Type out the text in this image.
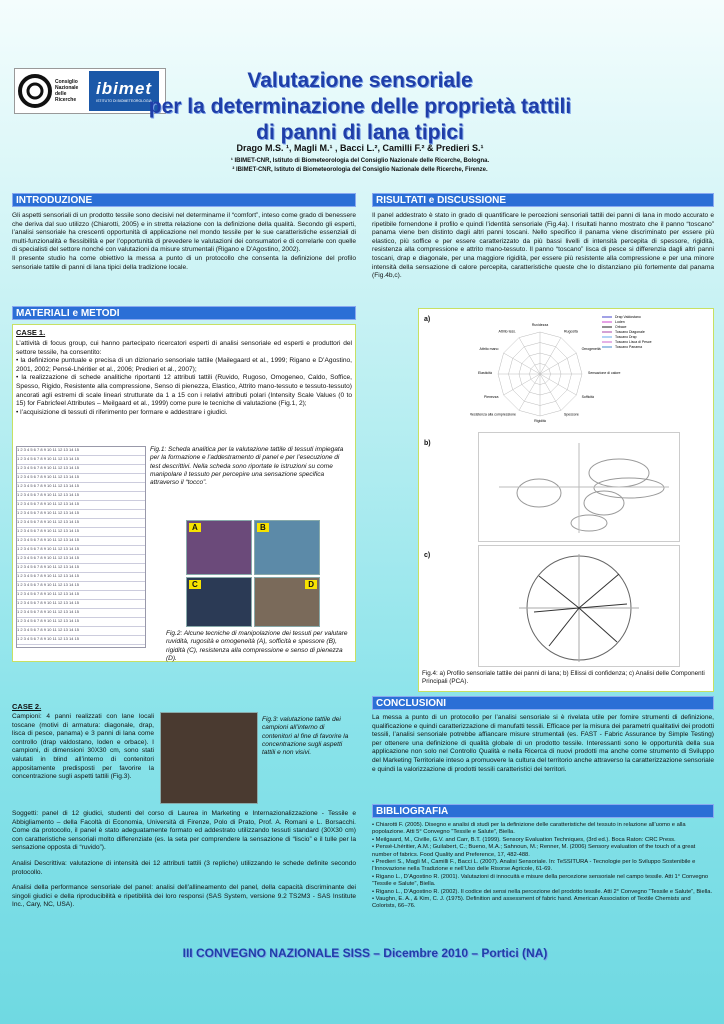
Consiglio
Nazionale
delle
Ricerche
ibimet
ISTITUTO DI BIOMETEOROLOGIA
Valutazione sensoriale
per la determinazione delle proprietà tattili
di panni di lana tipici
Drago M.S. ¹, Magli M.¹ , Bacci L.², Camilli F.² & Predieri S.¹
¹ IBIMET-CNR, Istituto di Biometeorologia del Consiglio Nazionale delle Ricerche, Bologna.
² IBIMET-CNR, Istituto di Biometeorologia del Consiglio Nazionale delle Ricerche, Firenze.
INTRODUZIONE
Gli aspetti sensoriali di un prodotto tessile sono decisivi nel determinarne il “comfort”, inteso come grado di benessere che deriva dal suo utilizzo (Chiarotti, 2005) e in stretta relazione con la definizione della qualità. Secondo gli esperti, l’analisi sensoriale ha crescenti opportunità di applicazione nel mondo tessile per le sue caratteristiche essenziali di multi-funzionalità e flessibilità e per l’opportunità di prevedere le valutazioni dei consumatori e di correlarle con quelle di specialisti del settore nonché con valutazioni da misure strumentali (Rigano e D’Agostino, 2002).
Il presente studio ha come obiettivo la messa a punto di un protocollo che consenta la definizione del profilo sensoriale tattile di panni di lana tipici della tradizione locale.
MATERIALI e METODI
CASE 1.
L’attività di focus group, cui hanno partecipato ricercatori esperti di analisi sensoriale ed esperti e produttori del settore tessile, ha consentito:
• la definizione puntuale e precisa di un dizionario sensoriale tattile (Mailegaard et al., 1999; Rigano e D’Agostino, 2001, 2002; Pensé-Lhéritier et al., 2006; Predieri et al., 2007);
• la realizzazione di schede analitiche riportanti 12 attributi tattili (Ruvido, Rugoso, Omogeneo, Caldo, Soffice, Spesso, Rigido, Resistente alla compressione, Senso di pienezza, Elastico, Attrito mano-tessuto e tessuto-tessuto) ancorati agli estremi di scale lineari strutturate da 1 a 15 con i relativi attributi polari (Intensity Scale Values (0 to 15) for Fabricfeel Attributes – Meilgaard et al., 1999) come pure le tecniche di valutazione (Fig.1, 2);
• l’acquisizione di tessuti di riferimento per formare e addestrare i giudici.
1 2 3 4 5 6 7 8 9 10 11 12 13 14 15
1 2 3 4 5 6 7 8 9 10 11 12 13 14 15
1 2 3 4 5 6 7 8 9 10 11 12 13 14 15
1 2 3 4 5 6 7 8 9 10 11 12 13 14 15
1 2 3 4 5 6 7 8 9 10 11 12 13 14 15
1 2 3 4 5 6 7 8 9 10 11 12 13 14 15
1 2 3 4 5 6 7 8 9 10 11 12 13 14 15
1 2 3 4 5 6 7 8 9 10 11 12 13 14 15
1 2 3 4 5 6 7 8 9 10 11 12 13 14 15
1 2 3 4 5 6 7 8 9 10 11 12 13 14 15
1 2 3 4 5 6 7 8 9 10 11 12 13 14 15
1 2 3 4 5 6 7 8 9 10 11 12 13 14 15
1 2 3 4 5 6 7 8 9 10 11 12 13 14 15
1 2 3 4 5 6 7 8 9 10 11 12 13 14 15
1 2 3 4 5 6 7 8 9 10 11 12 13 14 15
1 2 3 4 5 6 7 8 9 10 11 12 13 14 15
1 2 3 4 5 6 7 8 9 10 11 12 13 14 15
1 2 3 4 5 6 7 8 9 10 11 12 13 14 15
1 2 3 4 5 6 7 8 9 10 11 12 13 14 15
1 2 3 4 5 6 7 8 9 10 11 12 13 14 15
1 2 3 4 5 6 7 8 9 10 11 12 13 14 15
1 2 3 4 5 6 7 8 9 10 11 12 13 14 15
Fig.1: Scheda analitica per la valutazione tattile di tessuti impiegata per la formazione e l’addestramento di panel e per l’esecuzione di test descrittivi. Nella scheda sono riportate le istruzioni su come manipolare il tessuto per percepire una sensazione specifica attraverso il “tocco”.
A	B
C	D
Fig.2: Alcune tecniche di manipolazione dei tessuti per valutare ruvidità, rugosità e omogeneità (A), sofficità e spessore (B), rigidità (C), resistenza alla compressione e senso di pienezza (D).
CASE 2.
Campioni: 4 panni realizzati con lane locali toscane (motivi di armatura: diagonale, drap, lisca di pesce, panama) e 3 panni di lana come controllo (drap valdostano, loden e orbace). I campioni, di dimensioni 30X30 cm, sono stati valutati in blind all’interno di contenitori appositamente predisposti per favorire la concentrazione sugli aspetti tattili (Fig.3).
Fig.3: valutazione tattile dei campioni all’interno di contenitori al fine di favorire la concentrazione sugli aspetti tattili e non visivi.
Soggetti: panel di 12 giudici, studenti del corso di Laurea in Marketing e Internazionalizzazione - Tessile e Abbigliamento – della Facoltà di Economia, Università di Firenze, Polo di Prato, Prof. A. Romani e L. Borsacchi. Come da protocollo, il panel è stato adeguatamente formato ed addestrato utilizzando tessuti standard (30X30 cm) con caratteristiche sensoriali molto differenziate (es. la seta per comprendere la sensazione di “liscio” e il tulle per la sensazione opposta di “ruvido”).
Analisi Descrittiva: valutazione di intensità dei 12 attributi tattili (3 repliche) utilizzando le schede definite secondo protocollo.
Analisi della performance sensoriale del panel: analisi dell’allineamento del panel, della capacità discriminante dei singoli giudici e della riproducibilità e ripetibilità dei loro responsi (SAS System, versione 9.2 TS2M3 - SAS Institute Inc., Cary, NC, USA).
RISULTATI e DISCUSSIONE
Il panel addestrato è stato in grado di quantificare le percezioni sensoriali tattili dei panni di lana in modo accurato e ripetibile fornendone il profilo e quindi l’identità sensoriale (Fig.4a). I risultati hanno mostrato che il panno “toscano” panama viene ben distinto dagli altri panni toscani. Nello specifico il panama viene discriminato per essere più elastico, più soffice e per essere caratterizzato da più bassi livelli di intensità percepita di spessore, rigidità, resistenza alla compressione e attrito mano-tessuto. Il panno “toscano” lisca di pesce si differenzia dagli altri panni toscani, drap e diagonale, per una maggiore rigidità, per essere più resistente alla compressione e per una minore intensità della sensazione di calore percepita, caratteristiche queste che lo distanziano più fortemente dal panama (Fig.4b,c).
a)
b)
c)
Ruvidezza
Rugosità
Omogeneità
Sensazione di calore
Sofficità
Spessore
Rigidità
Resistenza alla compressione
Pienezza
Elasticità
Attrito mano
Attrito tess.
Drap Valdostano
Loden
Orbace
Toscano Diagonale
Toscano Drap
Toscano Lisca di Pesce
Toscano Panama
Fig.4: a) Profilo sensoriale tattile dei panni di lana; b) Ellissi di confidenza; c) Analisi delle Componenti Principali (PCA).
CONCLUSIONI
La messa a punto di un protocollo per l’analisi sensoriale si è rivelata utile per fornire strumenti di definizione, qualificazione e quindi caratterizzazione di manufatti tessili. Efficace per la misura dei parametri qualitativi dei prodotti tessili, l’analisi sensoriale potrebbe affiancare misure strumentali (es. FAST - Fabric Assurance by Simple Testing) per ottenere una definizione di qualità globale di un prodotto tessile. Interessanti sono le opportunità della sua applicazione non solo nel Controllo Qualità e nella Ricerca di nuovi prodotti ma anche come strumento di Sviluppo del Marketing Territoriale inteso a promuovere la cultura del territorio anche attraverso la caratterizzazione sensoriale e quindi la valorizzazione di prodotti tessili caratteristici dei territori.
BIBLIOGRAFIA
• Chiarotti F. (2005). Disegno e analisi di studi per la definizione delle caratteristiche del tessuto in relazione all’uomo e alla popolazione. Atti 5° Convegno “Tessile e Salute”, Biella.
• Meilgaard, M., Civille, G.V. and Carr, B.T. (1999). Sensory Evaluation Techniques, (3rd ed.). Boca Raton: CRC Press.
• Pensé-Lhéritier, A.M.; Guilabert, C.; Bueno, M.A.; Sahnoun, M.; Renner, M. (2006) Sensory evaluation of the touch of a great number of fabrics. Food Quality and Preference, 17, 482-488.
• Predieri S., Magli M., Camilli F., Bacci L. (2007). Analisi Sensoriale. In: TeSSITURA - Tecnologie per lo Sviluppo Sostenibile e l’Innovazione nella Tradizione e nell’Uso delle Risorse Agricole, 61-69.
• Rigano L., D’Agostino R. (2001). Valutazioni di innocuità e misure della percezione sensoriale nel campo tessile. Atti 1° Convegno “Tessile e Salute”, Biella.
• Rigano L., D’Agostino R. (2002). Il codice dei sensi nella percezione del prodotto tessile. Atti 2° Convegno “Tessile e Salute”, Biella.
• Vaughn, E. A., & Kim, C. J. (1975). Definition and assessment of fabric hand. American Association of Textile Chemists and Colorists, 66–76.
III CONVEGNO NAZIONALE SISS – Dicembre 2010 – Portici (NA)
